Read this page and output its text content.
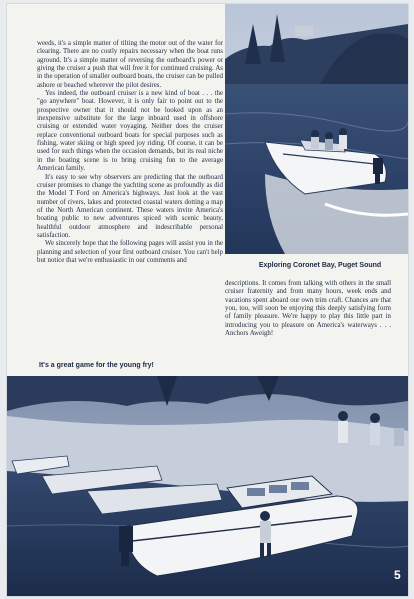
weeds, it's a simple matter of tilting the motor out of the water for clearing. There are no costly repairs necessary when the boat runs aground. It's a simple matter of reversing the outboard's power or giving the cruiser a push that will free it for continued cruising. As in the operation of smaller outboard boats, the cruiser can be pulled ashore or beached wherever the pilot desires.

Yes indeed, the outboard cruiser is a new kind of boat . . . the "go anywhere" boat. However, it is only fair to point out to the prospective owner that it should not be looked upon as an inexpensive substitute for the large inboard used in offshore cruising or extended water voyaging. Neither does the cruiser replace conventional outboard boats for special purposes such as fishing, water skiing or high speed joy riding. Of course, it can be used for such things when the occasion demands, but its real niche in the boating scene is to bring cruising fun to the average American family.

It's easy to see why observers are predicting that the outboard cruiser promises to change the yachting scene as profoundly as did the Model T Ford on America's highways. Just look at the vast number of rivers, lakes and protected coastal waters dotting a map of the North American continent. These waters invite America's boating public to new adventures spiced with scenic beauty, healthful outdoor atmosphere and indescribable personal satisfaction.

We sincerely hope that the following pages will assist you in the planning and selection of your first outboard cruiser. You can't help but notice that we're enthusiastic in our comments and

Exploring Coronet Bay, Puget Sound

descriptions. It comes from talking with others in the small cruiser fraternity and from many hours, week ends and vacations spent aboard our own trim craft. Chances are that you, too, will soon be enjoying this deeply satisfying form of family pleasure. We're happy to play this little part in introducing you to pleasure on America's waterways . . . Anchors Aweigh!

It's a great game for the young fry!
5
